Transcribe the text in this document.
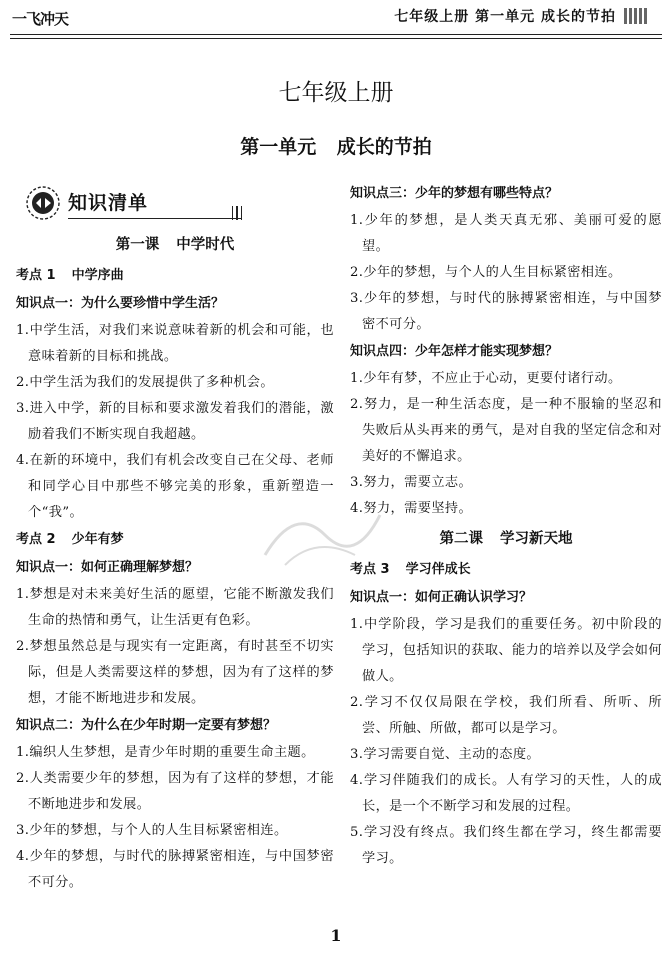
一飞冲天	七年级上册 第一单元 成长的节拍
七年级上册
第一单元 成长的节拍
知识清单
第一课 中学时代
考点 1 中学序曲
知识点一：为什么要珍惜中学生活？
1.中学生活，对我们来说意味着新的机会和可能，也意味着新的目标和挑战。
2.中学生活为我们的发展提供了多种机会。
3.进入中学，新的目标和要求激发着我们的潜能，激励着我们不断实现自我超越。
4.在新的环境中，我们有机会改变自己在父母、老师和同学心目中那些不够完美的形象，重新塑造一个“我”。
考点 2 少年有梦
知识点一：如何正确理解梦想？
1.梦想是对未来美好生活的愿望，它能不断激发我们生命的热情和勇气，让生活更有色彩。
2.梦想虽然总是与现实有一定距离，有时甚至不切实际，但是人类需要这样的梦想，因为有了这样的梦想，才能不断地进步和发展。
知识点二：为什么在少年时期一定要有梦想？
1.编织人生梦想，是青少年时期的重要生命主题。
2.人类需要少年的梦想，因为有了这样的梦想，才能不断地进步和发展。
3.少年的梦想，与个人的人生目标紧密相连。
4.少年的梦想，与时代的脉搏紧密相连，与中国梦密不可分。
知识点三：少年的梦想有哪些特点？
1.少年的梦想，是人类天真无邪、美丽可爱的愿望。
2.少年的梦想，与个人的人生目标紧密相连。
3.少年的梦想，与时代的脉搏紧密相连，与中国梦密不可分。
知识点四：少年怎样才能实现梦想？
1.少年有梦，不应止于心动，更要付诸行动。
2.努力，是一种生活态度，是一种不服输的坚忍和失败后从头再来的勇气，是对自我的坚定信念和对美好的不懈追求。
3.努力，需要立志。
4.努力，需要坚持。
第二课 学习新天地
考点 3 学习伴成长
知识点一：如何正确认识学习？
1.中学阶段，学习是我们的重要任务。初中阶段的学习，包括知识的获取、能力的培养以及学会如何做人。
2.学习不仅仅局限在学校，我们所看、所听、所尝、所触、所做，都可以是学习。
3.学习需要自觉、主动的态度。
4.学习伴随我们的成长。人有学习的天性，人的成长，是一个不断学习和发展的过程。
5.学习没有终点。我们终生都在学习，终生都需要学习。
1
